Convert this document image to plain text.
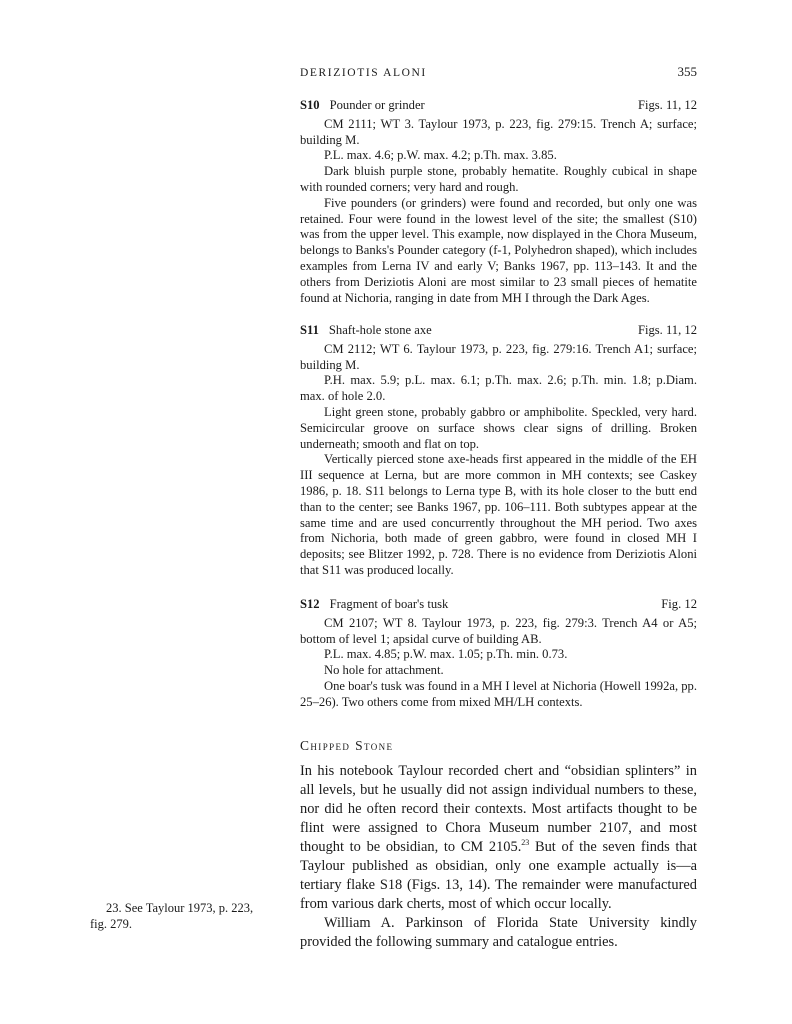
DERIZIOTIS ALONI	355
S10 Pounder or grinder	Figs. 11, 12

CM 2111; WT 3. Taylour 1973, p. 223, fig. 279:15. Trench A; surface; building M.

P.L. max. 4.6; p.W. max. 4.2; p.Th. max. 3.85.

Dark bluish purple stone, probably hematite. Roughly cubical in shape with rounded corners; very hard and rough.

Five pounders (or grinders) were found and recorded, but only one was retained. Four were found in the lowest level of the site; the smallest (S10) was from the upper level. This example, now displayed in the Chora Museum, belongs to Banks's Pounder category (f-1, Polyhedron shaped), which includes examples from Lerna IV and early V; Banks 1967, pp. 113–143. It and the others from Deriziotis Aloni are most similar to 23 small pieces of hematite found at Nichoria, ranging in date from MH I through the Dark Ages.

S11 Shaft-hole stone axe	Figs. 11, 12

CM 2112; WT 6. Taylour 1973, p. 223, fig. 279:16. Trench A1; surface; building M.

P.H. max. 5.9; p.L. max. 6.1; p.Th. max. 2.6; p.Th. min. 1.8; p.Diam. max. of hole 2.0.

Light green stone, probably gabbro or amphibolite. Speckled, very hard. Semicircular groove on surface shows clear signs of drilling. Broken underneath; smooth and flat on top.

Vertically pierced stone axe-heads first appeared in the middle of the EH III sequence at Lerna, but are more common in MH contexts; see Caskey 1986, p. 18. S11 belongs to Lerna type B, with its hole closer to the butt end than to the center; see Banks 1967, pp. 106–111. Both subtypes appear at the same time and are used concurrently throughout the MH period. Two axes from Nichoria, both made of green gabbro, were found in closed MH I deposits; see Blitzer 1992, p. 728. There is no evidence from Deriziotis Aloni that S11 was produced locally.

S12 Fragment of boar's tusk	Fig. 12

CM 2107; WT 8. Taylour 1973, p. 223, fig. 279:3. Trench A4 or A5; bottom of level 1; apsidal curve of building AB.

P.L. max. 4.85; p.W. max. 1.05; p.Th. min. 0.73.

No hole for attachment.

One boar's tusk was found in a MH I level at Nichoria (Howell 1992a, pp. 25–26). Two others come from mixed MH/LH contexts.

Chipped Stone

In his notebook Taylour recorded chert and “obsidian splinters” in all levels, but he usually did not assign individual numbers to these, nor did he often record their contexts. Most artifacts thought to be flint were assigned to Chora Museum number 2107, and most thought to be obsidian, to CM 2105.23 But of the seven finds that Taylour published as obsidian, only one example actually is—a tertiary flake S18 (Figs. 13, 14). The remainder were manufactured from various dark cherts, most of which occur locally.

William A. Parkinson of Florida State University kindly provided the following summary and catalogue entries.

23. See Taylour 1973, p. 223, fig. 279.
